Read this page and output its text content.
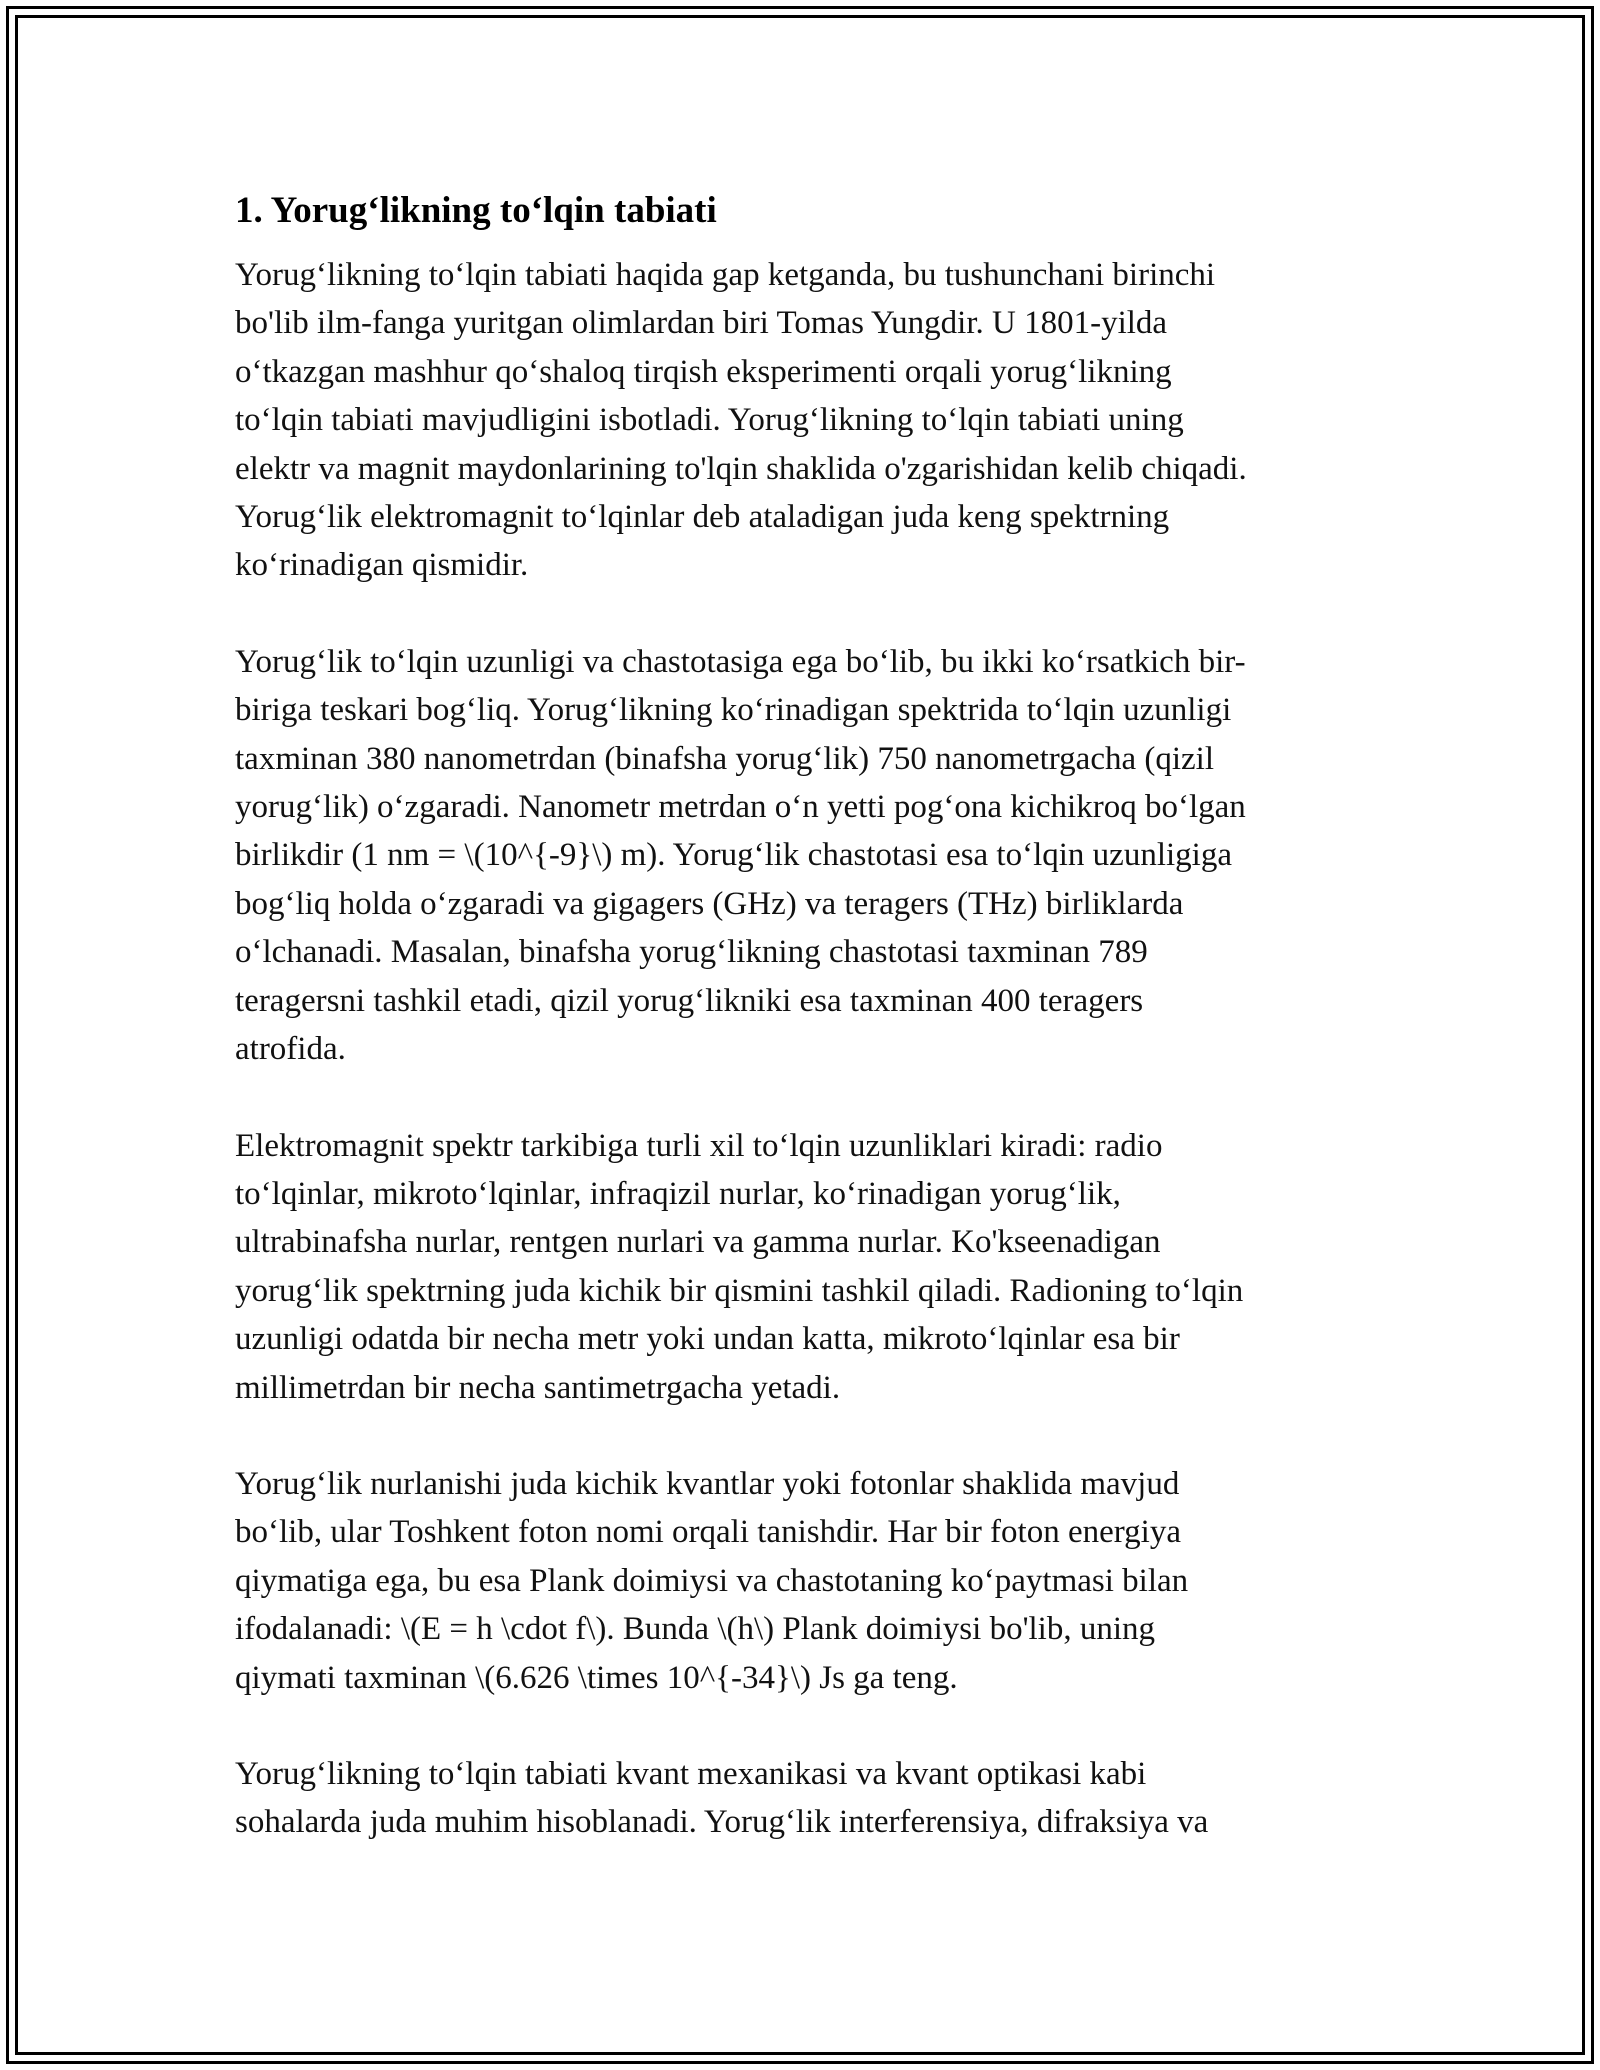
1. Yorug‘likning to‘lqin tabiati
Yorug‘likning to‘lqin tabiati haqida gap ketganda, bu tushunchani birinchi
bo'lib ilm-fanga yuritgan olimlardan biri Tomas Yungdir. U 1801-yilda
o‘tkazgan mashhur qo‘shaloq tirqish eksperimenti orqali yorug‘likning
to‘lqin tabiati mavjudligini isbotladi. Yorug‘likning to‘lqin tabiati uning
elektr va magnit maydonlarining to'lqin shaklida o'zgarishidan kelib chiqadi.
Yorug‘lik elektromagnit to‘lqinlar deb ataladigan juda keng spektrning
ko‘rinadigan qismidir.
Yorug‘lik to‘lqin uzunligi va chastotasiga ega bo‘lib, bu ikki ko‘rsatkich bir-
biriga teskari bog‘liq. Yorug‘likning ko‘rinadigan spektrida to‘lqin uzunligi
taxminan 380 nanometrdan (binafsha yorug‘lik) 750 nanometrgacha (qizil
yorug‘lik) o‘zgaradi. Nanometr metrdan o‘n yetti pog‘ona kichikroq bo‘lgan
birlikdir (1 nm = \(10^{-9}\) m). Yorug‘lik chastotasi esa to‘lqin uzunligiga
bog‘liq holda o‘zgaradi va gigagers (GHz) va teragers (THz) birliklarda
o‘lchanadi. Masalan, binafsha yorug‘likning chastotasi taxminan 789
teragersni tashkil etadi, qizil yorug‘likniki esa taxminan 400 teragers
atrofida.
Elektromagnit spektr tarkibiga turli xil to‘lqin uzunliklari kiradi: radio
to‘lqinlar, mikroto‘lqinlar, infraqizil nurlar, ko‘rinadigan yorug‘lik,
ultrabinafsha nurlar, rentgen nurlari va gamma nurlar. Ko'kseenadigan
yorug‘lik spektrning juda kichik bir qismini tashkil qiladi. Radioning to‘lqin
uzunligi odatda bir necha metr yoki undan katta, mikroto‘lqinlar esa bir
millimetrdan bir necha santimetrgacha yetadi.
Yorug‘lik nurlanishi juda kichik kvantlar yoki fotonlar shaklida mavjud
bo‘lib, ular Toshkent foton nomi orqali tanishdir. Har bir foton energiya
qiymatiga ega, bu esa Plank doimiysi va chastotaning ko‘paytmasi bilan
ifodalanadi: \(E = h \cdot f\). Bunda \(h\) Plank doimiysi bo'lib, uning
qiymati taxminan \(6.626 \times 10^{-34}\) Js ga teng.
Yorug‘likning to‘lqin tabiati kvant mexanikasi va kvant optikasi kabi
sohalarda juda muhim hisoblanadi. Yorug‘lik interferensiya, difraksiya va
